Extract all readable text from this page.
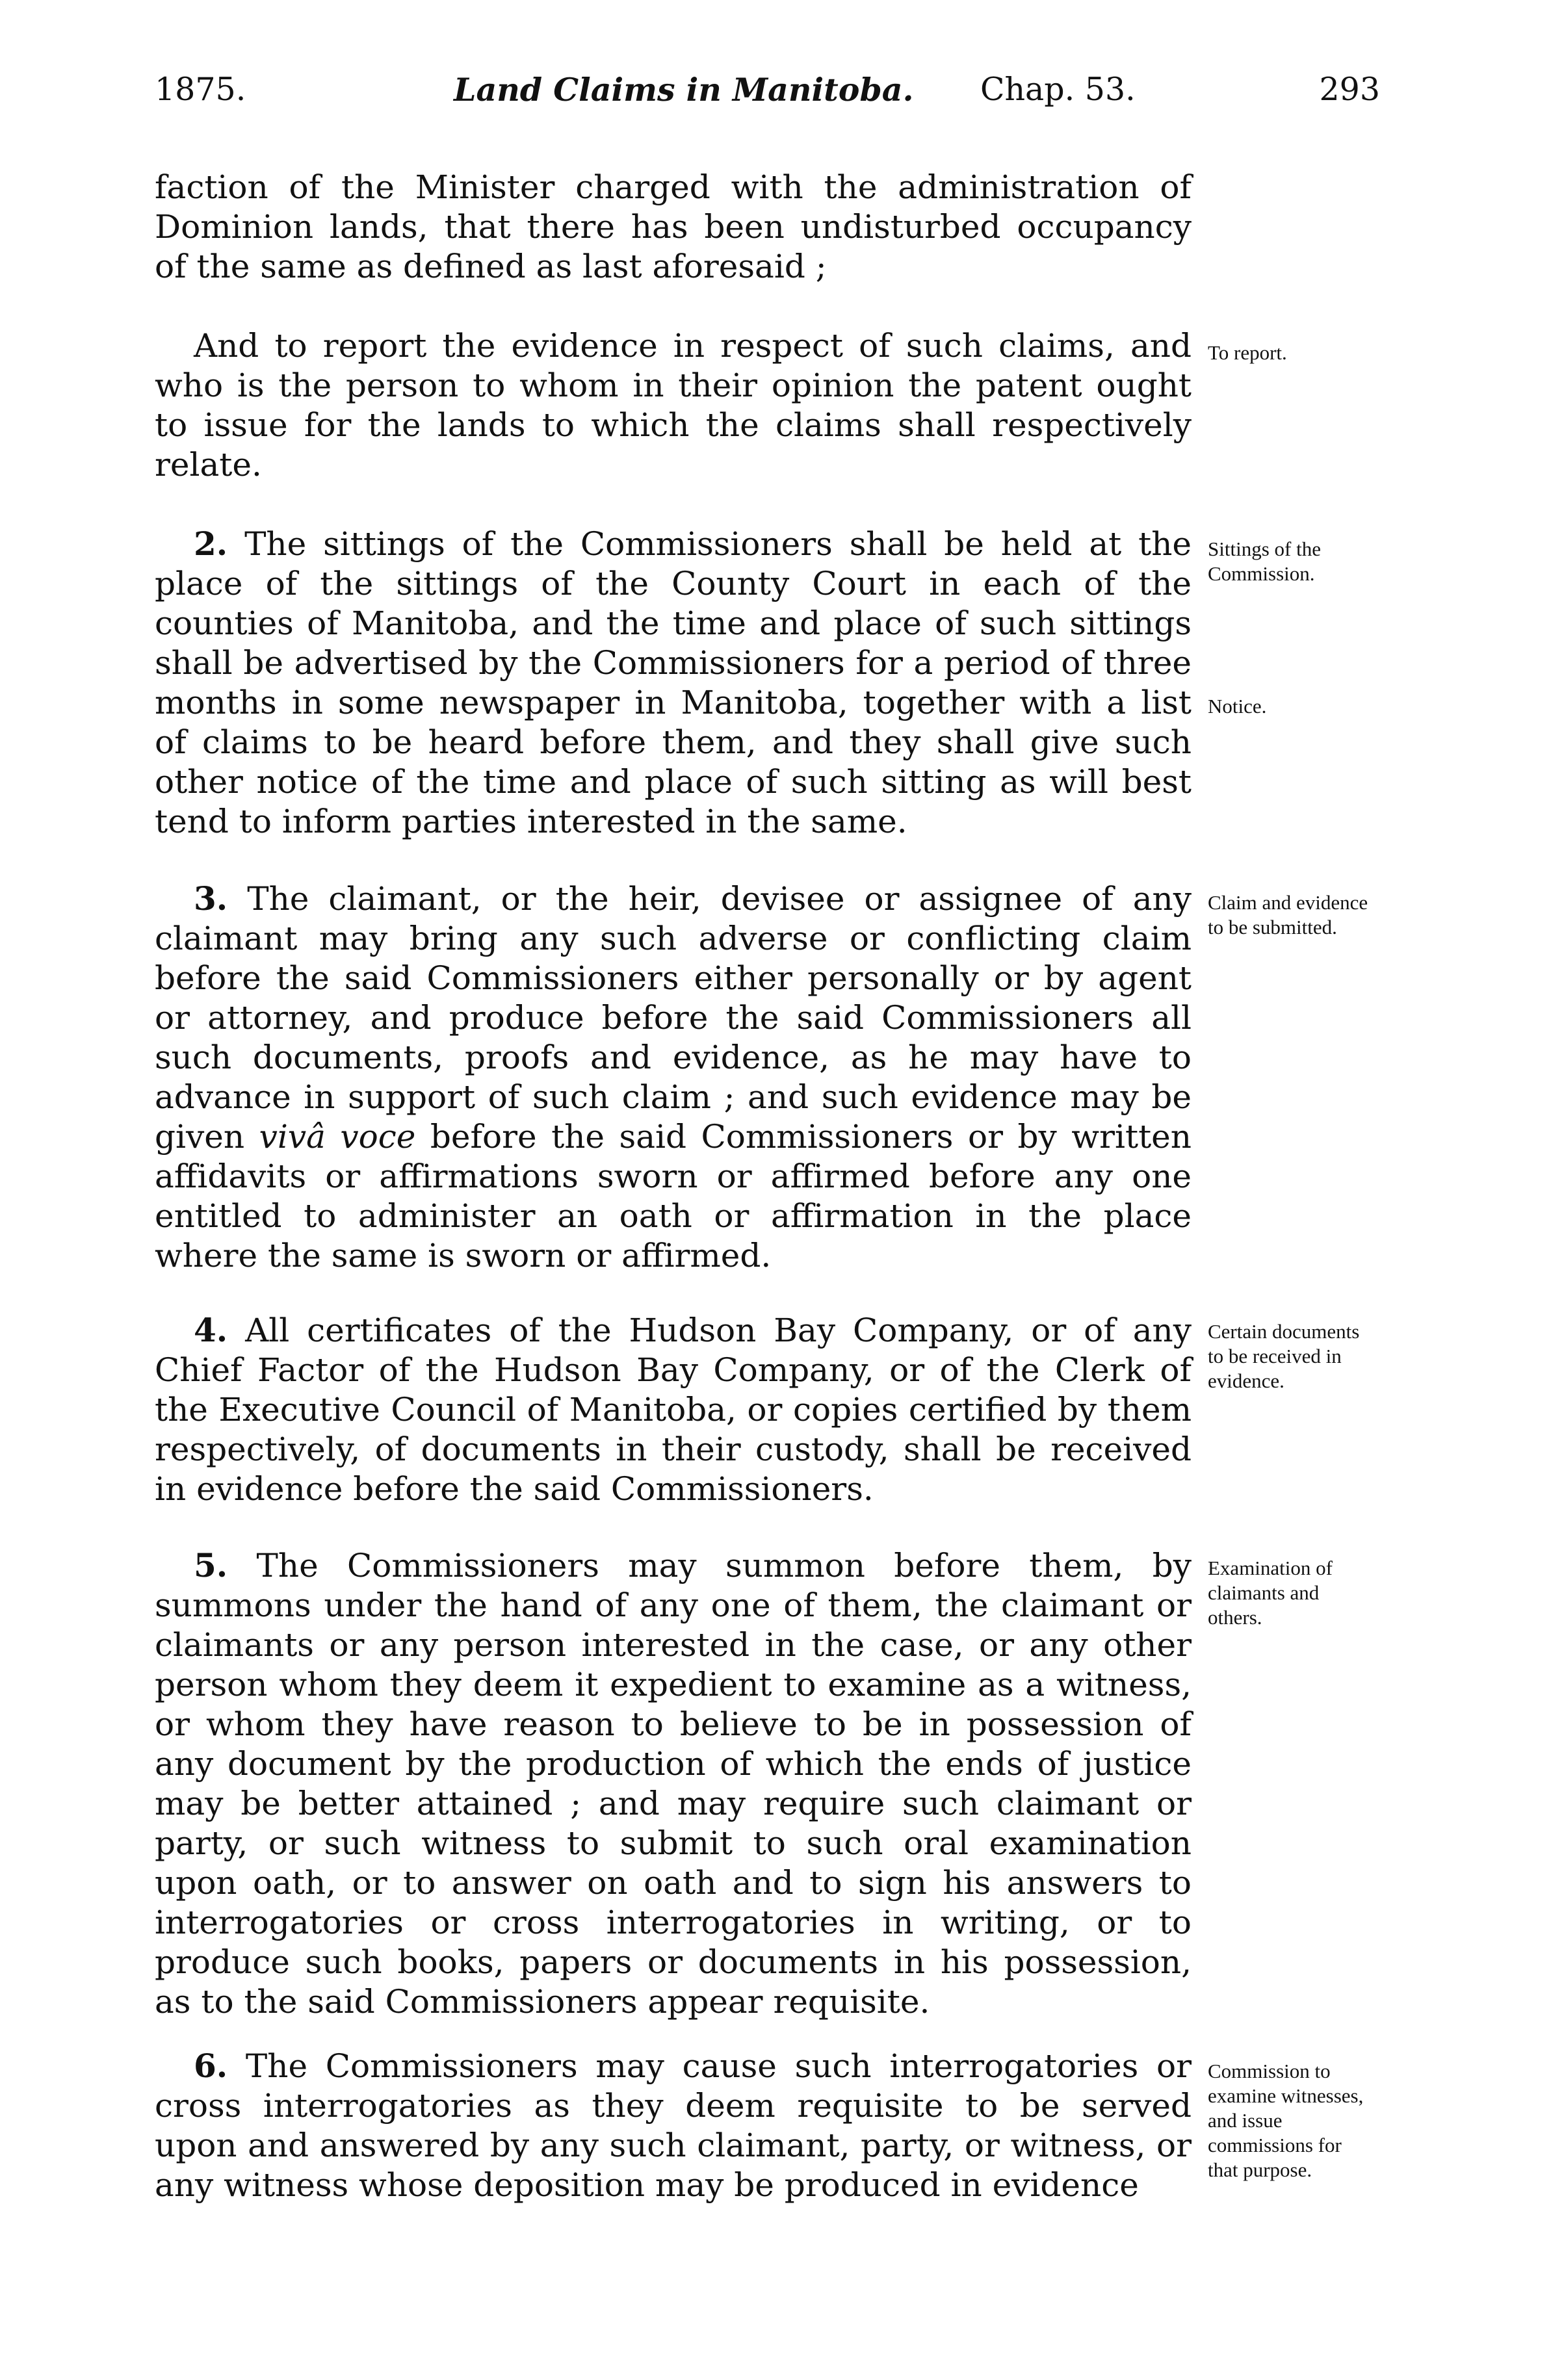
1875.	Land Claims in Manitoba. Chap. 53.	293

faction of the Minister charged with the administration of Dominion lands, that there has been undisturbed occupancy of the same as defined as last aforesaid ;

And to report the evidence in respect of such claims, and who is the person to whom in their opinion the patent ought to issue for the lands to which the claims shall respectively relate.

2. The sittings of the Commissioners shall be held at the place of the sittings of the County Court in each of the counties of Manitoba, and the time and place of such sittings shall be advertised by the Commissioners for a period of three months in some newspaper in Manitoba, together with a list of claims to be heard before them, and they shall give such other notice of the time and place of such sitting as will best tend to inform parties interested in the same.

3. The claimant, or the heir, devisee or assignee of any claimant may bring any such adverse or conflicting claim before the said Commissioners either personally or by agent or attorney, and produce before the said Commissioners all such documents, proofs and evidence, as he may have to advance in support of such claim ; and such evidence may be given vivâ voce before the said Commissioners or by written affidavits or affirmations sworn or affirmed before any one entitled to administer an oath or affirmation in the place where the same is sworn or affirmed.

4. All certificates of the Hudson Bay Company, or of any Chief Factor of the Hudson Bay Company, or of the Clerk of the Executive Council of Manitoba, or copies certified by them respectively, of documents in their custody, shall be received in evidence before the said Commissioners.

5. The Commissioners may summon before them, by summons under the hand of any one of them, the claimant or claimants or any person interested in the case, or any other person whom they deem it expedient to examine as a witness, or whom they have reason to believe to be in possession of any document by the production of which the ends of justice may be better attained ; and may require such claimant or party, or such witness to submit to such oral examination upon oath, or to answer on oath and to sign his answers to interrogatories or cross interrogatories in writing, or to produce such books, papers or documents in his possession, as to the said Commissioners appear requisite.

6. The Commissioners may cause such interrogatories or cross interrogatories as they deem requisite to be served upon and answered by any such claimant, party, or witness, or any witness whose deposition may be produced in evidence

To report.
Sittings of the Commission.
Notice.
Claim and evidence to be submitted.
Certain documents to be received in evidence.
Examination of claimants and others.
Commission to examine witnesses, and issue commissions for that purpose.
